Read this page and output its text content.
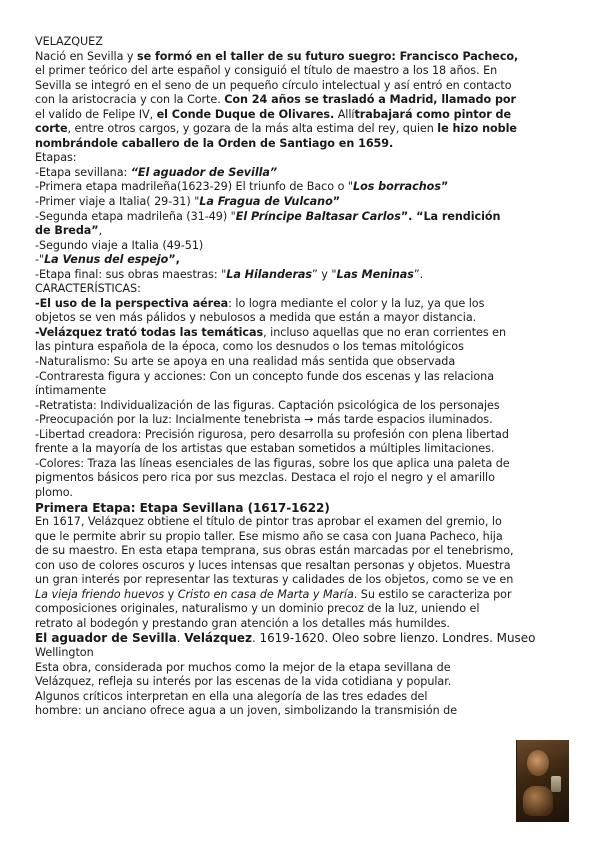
VELAZQUEZ
Nació en Sevilla y se formó en el taller de su futuro suegro: Francisco Pacheco,
el primer teórico del arte español y consiguió el título de maestro a los 18 años. En
Sevilla se integró en el seno de un pequeño círculo intelectual y así entró en contacto
con la aristocracia y con la Corte. Con 24 años se trasladó a Madrid, llamado por
el valido de Felipe IV, el Conde Duque de Olivares. Allítrabajará como pintor de
corte, entre otros cargos, y gozara de la más alta estima del rey, quien le hizo noble
nombrándole caballero de la Orden de Santiago en 1659.
Etapas:
-Etapa sevillana: “El aguador de Sevilla”
-Primera etapa madrileña(1623-29) El triunfo de Baco o "Los borrachos”
-Primer viaje a Italia( 29-31) "La Fragua de Vulcano”
-Segunda etapa madrileña (31-49) "El Príncipe Baltasar Carlos”. “La rendición
de Breda”,
-Segundo viaje a Italia (49-51)
-"La Venus del espejo”,
-Etapa final: sus obras maestras: "La Hilanderas” y "Las Meninas”.
CARACTERÍSTICAS:
-El uso de la perspectiva aérea: lo logra mediante el color y la luz, ya que los
objetos se ven más pálidos y nebulosos a medida que están a mayor distancia.
-Velázquez trató todas las temáticas, incluso aquellas que no eran corrientes en
las pintura española de la época, como los desnudos o los temas mitológicos
-Naturalismo: Su arte se apoya en una realidad más sentida que observada
-Contraresta figura y acciones: Con un concepto funde dos escenas y las relaciona
íntimamente
-Retratista: Individualización de las figuras. Captación psicológica de los personajes
-Preocupación por la luz: Incialmente tenebrista → más tarde espacios iluminados.
-Libertad creadora: Precisión rigurosa, pero desarrolla su profesión con plena libertad
frente a la mayoría de los artistas que estaban sometidos a múltiples limitaciones.
-Colores: Traza las líneas esenciales de las figuras, sobre los que aplica una paleta de
pigmentos básicos pero rica por sus mezclas. Destaca el rojo el negro y el amarillo
plomo.
Primera Etapa: Etapa Sevillana (1617-1622)
En 1617, Velázquez obtiene el título de pintor tras aprobar el examen del gremio, lo
que le permite abrir su propio taller. Ese mismo año se casa con Juana Pacheco, hija
de su maestro. En esta etapa temprana, sus obras están marcadas por el tenebrismo,
con uso de colores oscuros y luces intensas que resaltan personas y objetos. Muestra
un gran interés por representar las texturas y calidades de los objetos, como se ve en
La vieja friendo huevos y Cristo en casa de Marta y María. Su estilo se caracteriza por
composiciones originales, naturalismo y un dominio precoz de la luz, uniendo el
retrato al bodegón y prestando gran atención a los detalles más humildes.
El aguador de Sevilla. Velázquez. 1619-1620. Oleo sobre lienzo. Londres. Museo
Wellington
Esta obra, considerada por muchos como la mejor de la etapa sevillana de
Velázquez, refleja su interés por las escenas de la vida cotidiana y popular.
Algunos críticos interpretan en ella una alegoría de las tres edades del
hombre: un anciano ofrece agua a un joven, simbolizando la transmisión de
